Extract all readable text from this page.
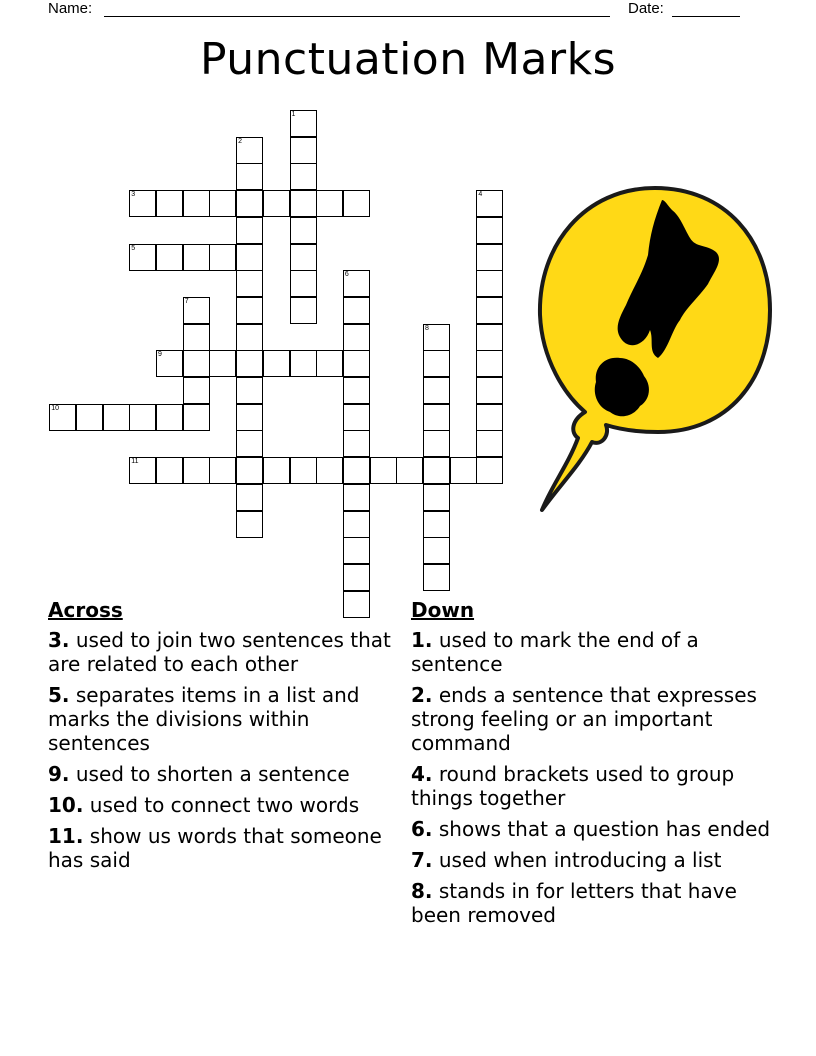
Name:	Date:
Punctuation Marks
1
2
3	4
5
6
7
8
9
10
11
Across
3. used to join two sentences that are related to each other
5. separates items in a list and marks the divisions within sentences
9. used to shorten a sentence
10. used to connect two words
11. show us words that someone has said
Down
1. used to mark the end of a sentence
2. ends a sentence that expresses strong feeling or an important command
4. round brackets used to group things together
6. shows that a question has ended
7. used when introducing a list
8. stands in for letters that have been removed
